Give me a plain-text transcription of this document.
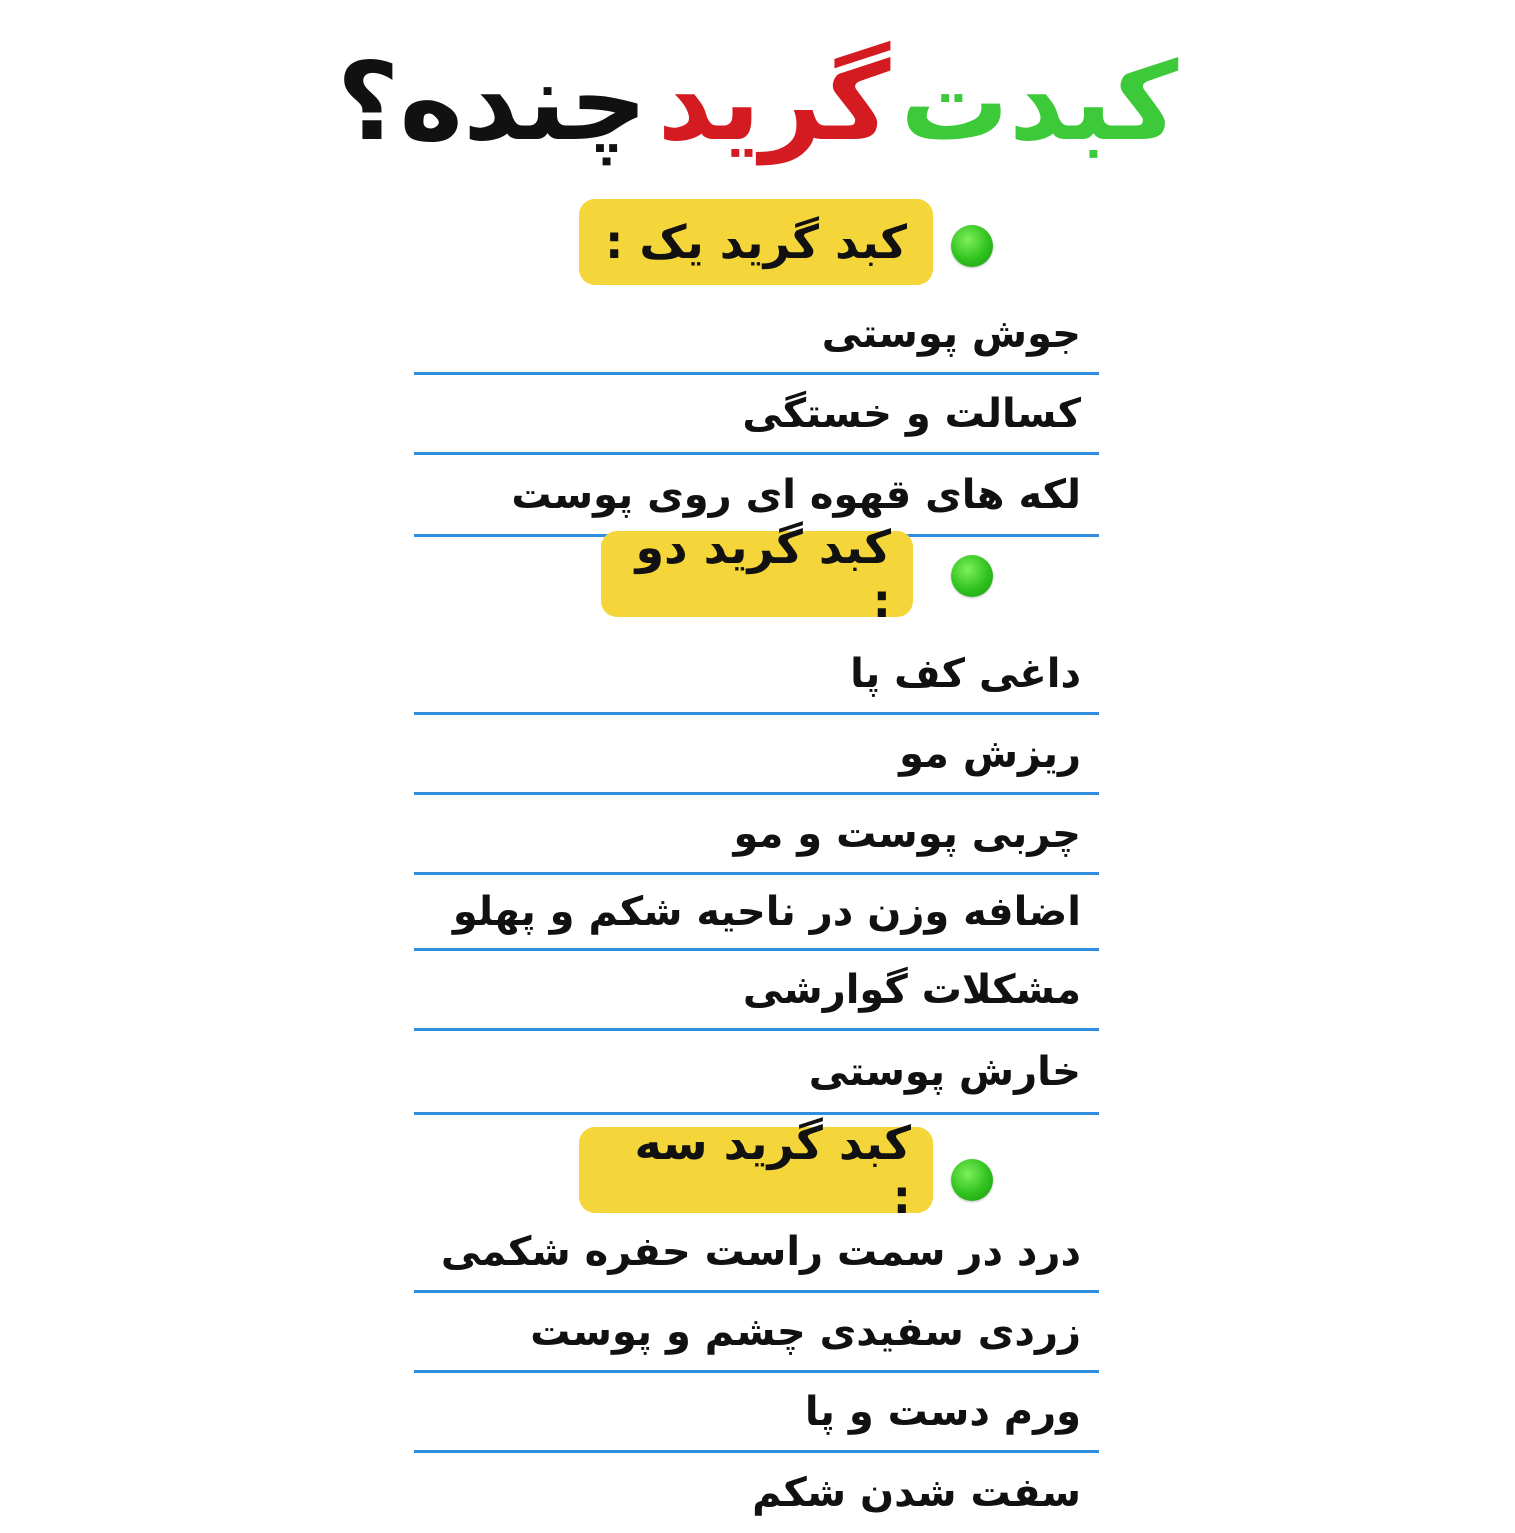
کبدت
گرید
چنده؟
کبد گرید یک :
جوش پوستی
کسالت و خستگی
لکه های قهوه ای روی پوست
کبد گرید دو :
داغی کف پا
ریزش مو
چربی پوست و مو
اضافه وزن در ناحیه شکم و پهلو
مشکلات گوارشی
خارش پوستی
کبد گرید سه :
درد در سمت راست حفره شکمی
زردی سفیدی چشم و پوست
ورم دست و پا
سفت شدن شکم
